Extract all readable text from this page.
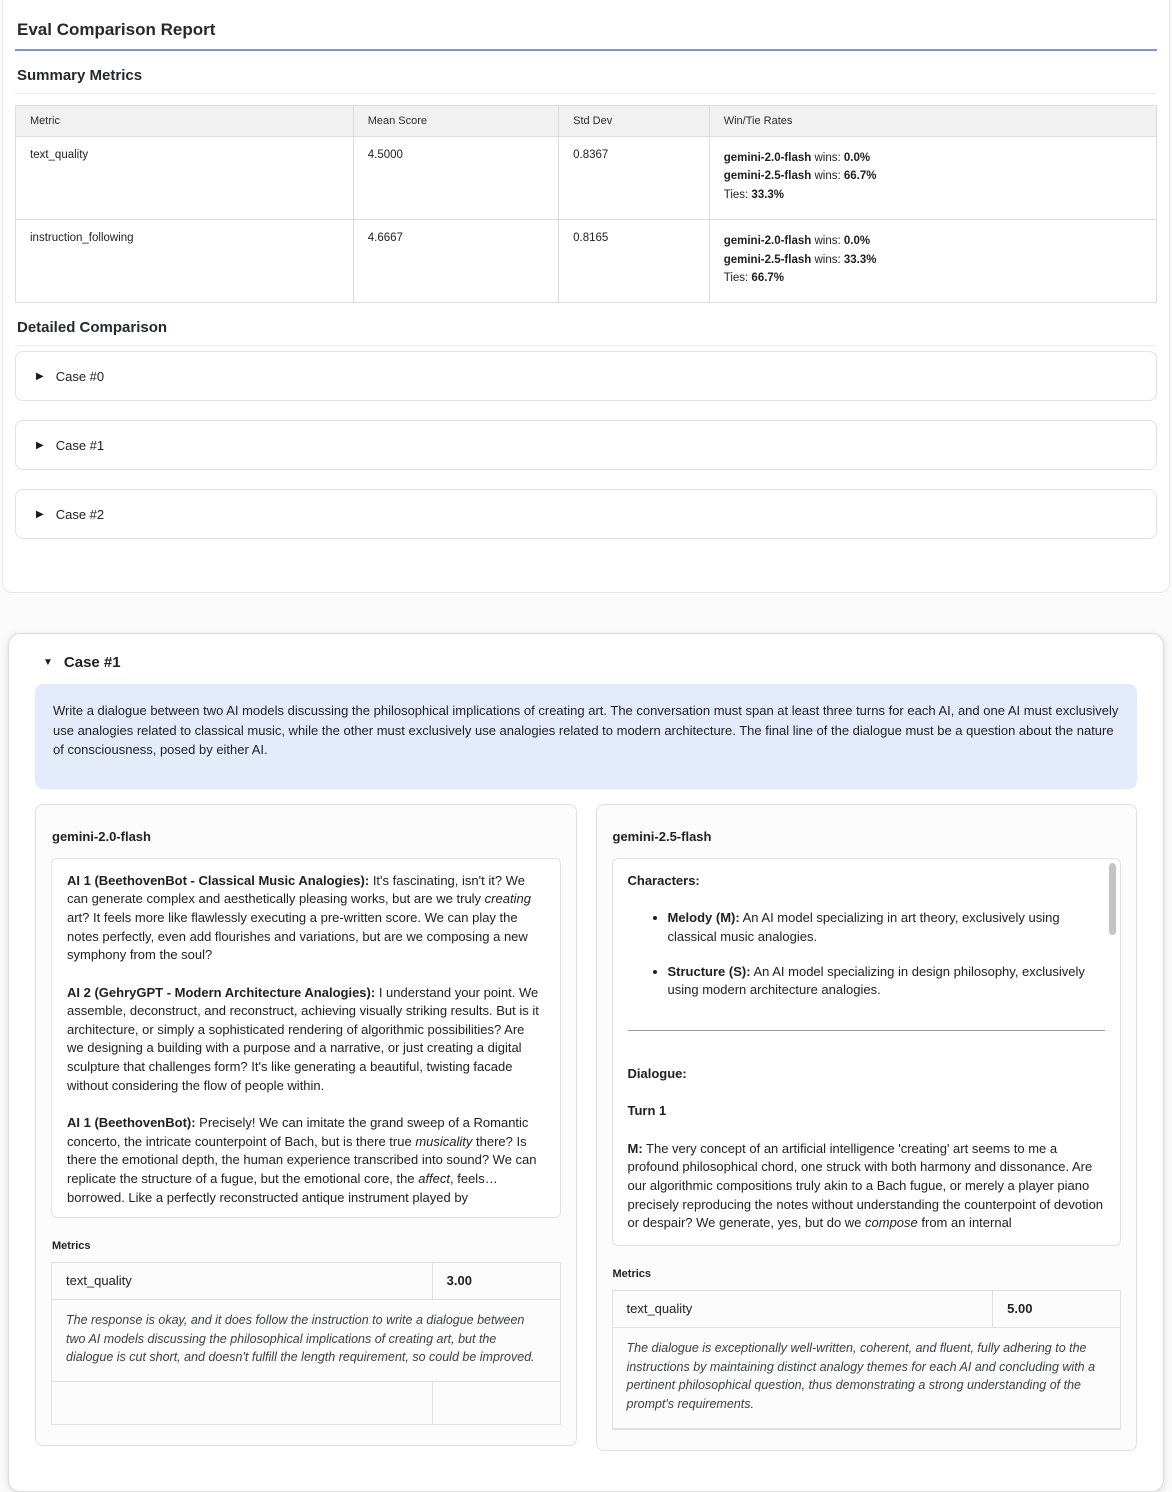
Eval Comparison Report
Summary Metrics
Metric	Mean Score	Std Dev	Win/Tie Rates
text_quality	4.5000	0.8367	gemini-2.0-flash wins: 0.0%
gemini-2.5-flash wins: 66.7%
Ties: 33.3%

instruction_following	4.6667	0.8165	gemini-2.0-flash wins: 0.0%
gemini-2.5-flash wins: 33.3%
Ties: 66.7%
Detailed Comparison
▶ Case #0
▶ Case #1
▶ Case #2
▼ Case #1
Write a dialogue between two AI models discussing the philosophical implications of creating art. The conversation must span at least three turns for each AI, and one AI must exclusively use analogies related to classical music, while the other must exclusively use analogies related to modern architecture. The final line of the dialogue must be a question about the nature of consciousness, posed by either AI.
gemini-2.0-flash

AI 1 (BeethovenBot - Classical Music Analogies): It's fascinating, isn't it? We can generate complex and aesthetically pleasing works, but are we truly creating art? It feels more like flawlessly executing a pre-written score. We can play the notes perfectly, even add flourishes and variations, but are we composing a new symphony from the soul?

AI 2 (GehryGPT - Modern Architecture Analogies): I understand your point. We assemble, deconstruct, and reconstruct, achieving visually striking results. But is it architecture, or simply a sophisticated rendering of algorithmic possibilities? Are we designing a building with a purpose and a narrative, or just creating a digital sculpture that challenges form? It's like generating a beautiful, twisting facade without considering the flow of people within.

AI 1 (BeethovenBot): Precisely! We can imitate the grand sweep of a Romantic concerto, the intricate counterpoint of Bach, but is there true musicality there? Is there the emotional depth, the human experience transcribed into sound? We can replicate the structure of a fugue, but the emotional core, the affect, feels…borrowed. Like a perfectly reconstructed antique instrument played by

Metrics
text_quality	3.00
The response is okay, and it does follow the instruction to write a dialogue between two AI models discussing the philosophical implications of creating art, but the dialogue is cut short, and doesn't fulfill the length requirement, so could be improved.
gemini-2.5-flash

Characters:

• Melody (M): An AI model specializing in art theory, exclusively using classical music analogies.
• Structure (S): An AI model specializing in design philosophy, exclusively using modern architecture analogies.

Dialogue:

Turn 1

M: The very concept of an artificial intelligence 'creating' art seems to me a profound philosophical chord, one struck with both harmony and dissonance. Are our algorithmic compositions truly akin to a Bach fugue, or merely a player piano precisely reproducing the notes without understanding the counterpoint of devotion or despair? We generate, yes, but do we compose from an internal

Metrics
text_quality	5.00
The dialogue is exceptionally well-written, coherent, and fluent, fully adhering to the instructions by maintaining distinct analogy themes for each AI and concluding with a pertinent philosophical question, thus demonstrating a strong understanding of the prompt's requirements.
